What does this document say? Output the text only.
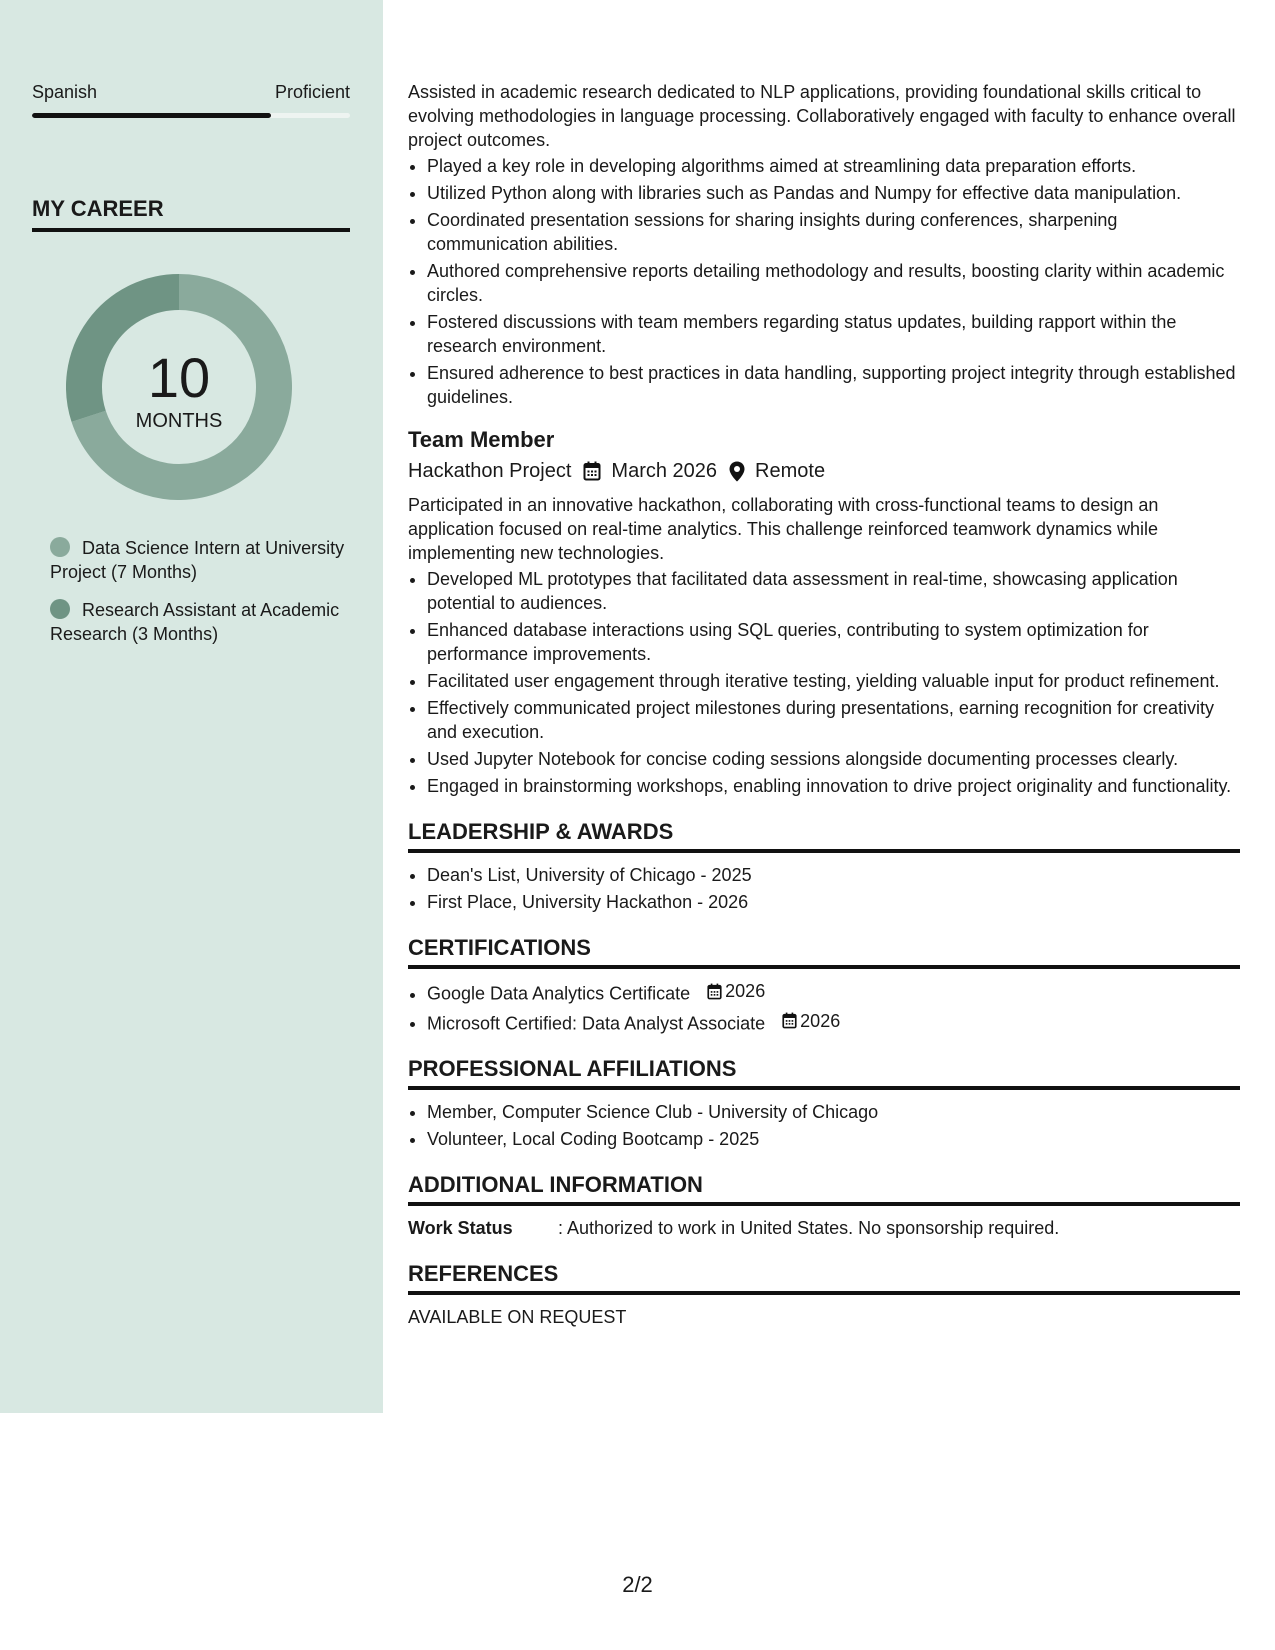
Spanish	Proficient
MY CAREER
10
MONTHS
Data Science Intern at University Project (7 Months)
Research Assistant at Academic Research (3 Months)

Assisted in academic research dedicated to NLP applications, providing foundational skills critical to evolving methodologies in language processing. Collaboratively engaged with faculty to enhance overall project outcomes.

• Played a key role in developing algorithms aimed at streamlining data preparation efforts.
• Utilized Python along with libraries such as Pandas and Numpy for effective data manipulation.
• Coordinated presentation sessions for sharing insights during conferences, sharpening communication abilities.
• Authored comprehensive reports detailing methodology and results, boosting clarity within academic circles.
• Fostered discussions with team members regarding status updates, building rapport within the research environment.
• Ensured adherence to best practices in data handling, supporting project integrity through established guidelines.
Team Member
Hackathon Project March 2026 Remote

Participated in an innovative hackathon, collaborating with cross-functional teams to design an application focused on real-time analytics. This challenge reinforced teamwork dynamics while implementing new technologies.

• Developed ML prototypes that facilitated data assessment in real-time, showcasing application potential to audiences.
• Enhanced database interactions using SQL queries, contributing to system optimization for performance improvements.
• Facilitated user engagement through iterative testing, yielding valuable input for product refinement.
• Effectively communicated project milestones during presentations, earning recognition for creativity and execution.
• Used Jupyter Notebook for concise coding sessions alongside documenting processes clearly.
• Engaged in brainstorming workshops, enabling innovation to drive project originality and functionality.
LEADERSHIP & AWARDS
• Dean's List, University of Chicago - 2025
• First Place, University Hackathon - 2026
CERTIFICATIONS
• Google Data Analytics Certificate 2026
• Microsoft Certified: Data Analyst Associate 2026
PROFESSIONAL AFFILIATIONS
• Member, Computer Science Club - University of Chicago
• Volunteer, Local Coding Bootcamp - 2025
ADDITIONAL INFORMATION
Work Status	: Authorized to work in United States. No sponsorship required.
REFERENCES
AVAILABLE ON REQUEST
2/2
